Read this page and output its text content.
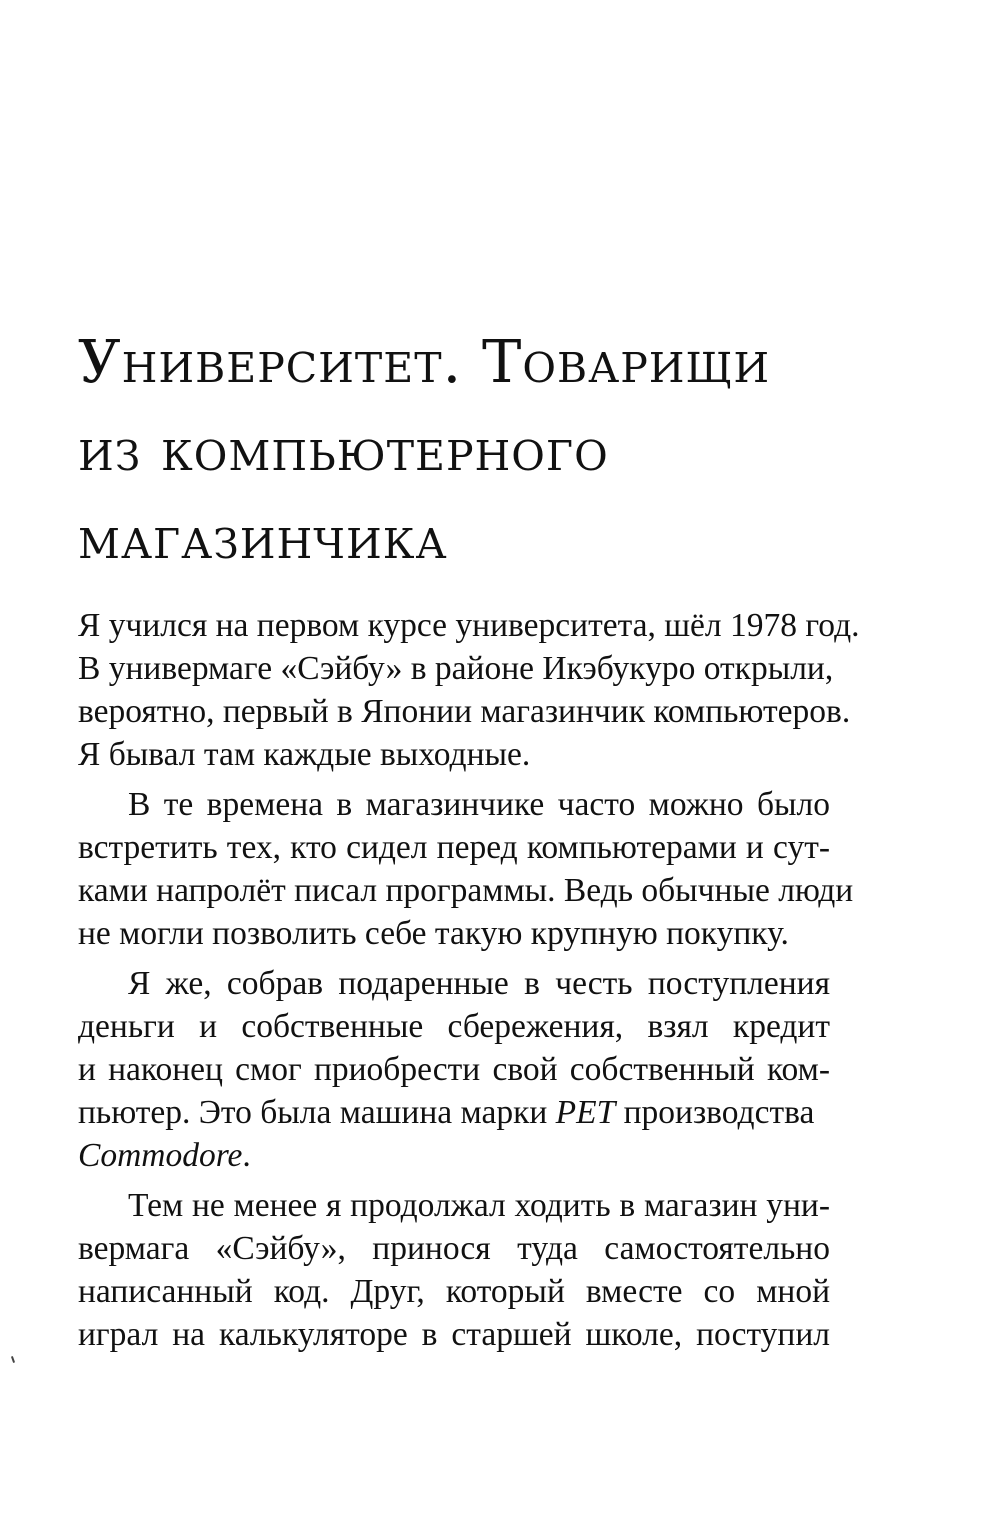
Университет. Товарищи
из компьютерного
магазинчика

Я учился на первом курсе университета, шёл 1978 год.
В универмаге «Сэйбу» в районе Икэбукуро открыли,
вероятно, первый в Японии магазинчик компьютеров.
Я бывал там каждые выходные.

В те времена в магазинчике часто можно было
встретить тех, кто сидел перед компьютерами и сут-
ками напролёт писал программы. Ведь обычные люди
не могли позволить себе такую крупную покупку.

Я же, собрав подаренные в честь поступления
деньги и собственные сбережения, взял кредит
и наконец смог приобрести свой собственный ком-
пьютер. Это была машина марки PET производства
Commodore.

Тем не менее я продолжал ходить в магазин уни-
вермага «Сэйбу», принося туда самостоятельно
написанный код. Друг, который вместе со мной
играл на калькуляторе в старшей школе, поступил
